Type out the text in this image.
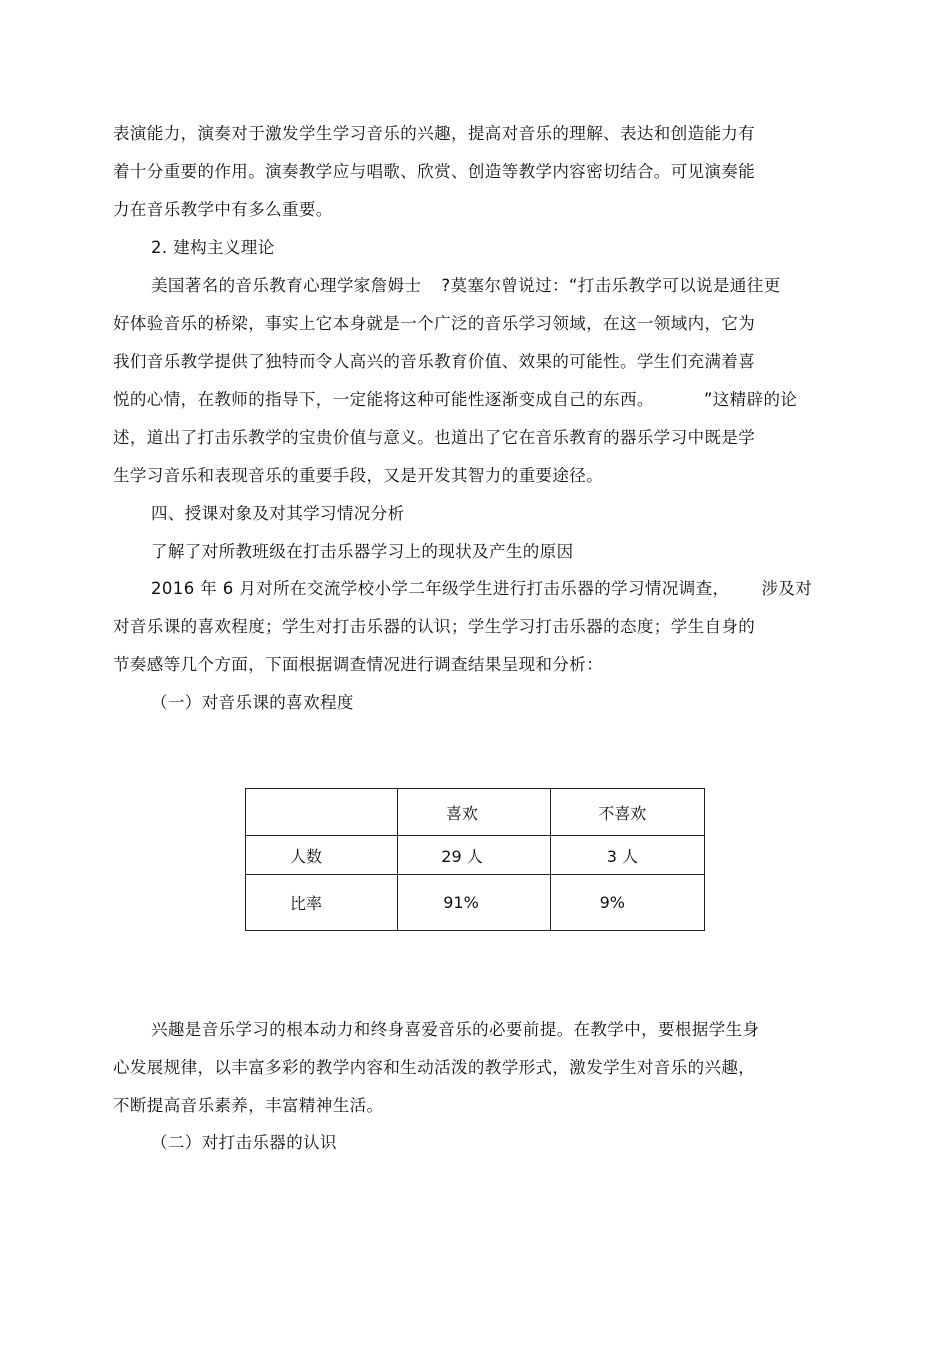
表演能力，演奏对于激发学生学习音乐的兴趣，提高对音乐的理解、表达和创造能力有
着十分重要的作用。演奏教学应与唱歌、欣赏、创造等教学内容密切结合。可见演奏能
力在音乐教学中有多么重要。
2. 建构主义理论
美国著名的音乐教育心理学家詹姆士 ?莫塞尔曾说过：“打击乐教学可以说是通往更
好体验音乐的桥梁，事实上它本身就是一个广泛的音乐学习领域，在这一领域内，它为
我们音乐教学提供了独特而令人高兴的音乐教育价值、效果的可能性。学生们充满着喜
悦的心情，在教师的指导下，一定能将这种可能性逐渐变成自己的东西。	”这精辟的论
述，道出了打击乐教学的宝贵价值与意义。也道出了它在音乐教育的器乐学习中既是学
生学习音乐和表现音乐的重要手段，又是开发其智力的重要途径。
四、授课对象及对其学习情况分析
了解了对所教班级在打击乐器学习上的现状及产生的原因
2016 年 6 月对所在交流学校小学二年级学生进行打击乐器的学习情况调查， 涉及对
对音乐课的喜欢程度；学生对打击乐器的认识；学生学习打击乐器的态度；学生自身的
节奏感等几个方面，下面根据调查情况进行调查结果呈现和分析：
（一）对音乐课的喜欢程度
	喜欢	不喜欢
人数	29 人	3 人
比率	91%	9%
兴趣是音乐学习的根本动力和终身喜爱音乐的必要前提。在教学中，要根据学生身
心发展规律，以丰富多彩的教学内容和生动活泼的教学形式，激发学生对音乐的兴趣，
不断提高音乐素养，丰富精神生活。
（二）对打击乐器的认识
